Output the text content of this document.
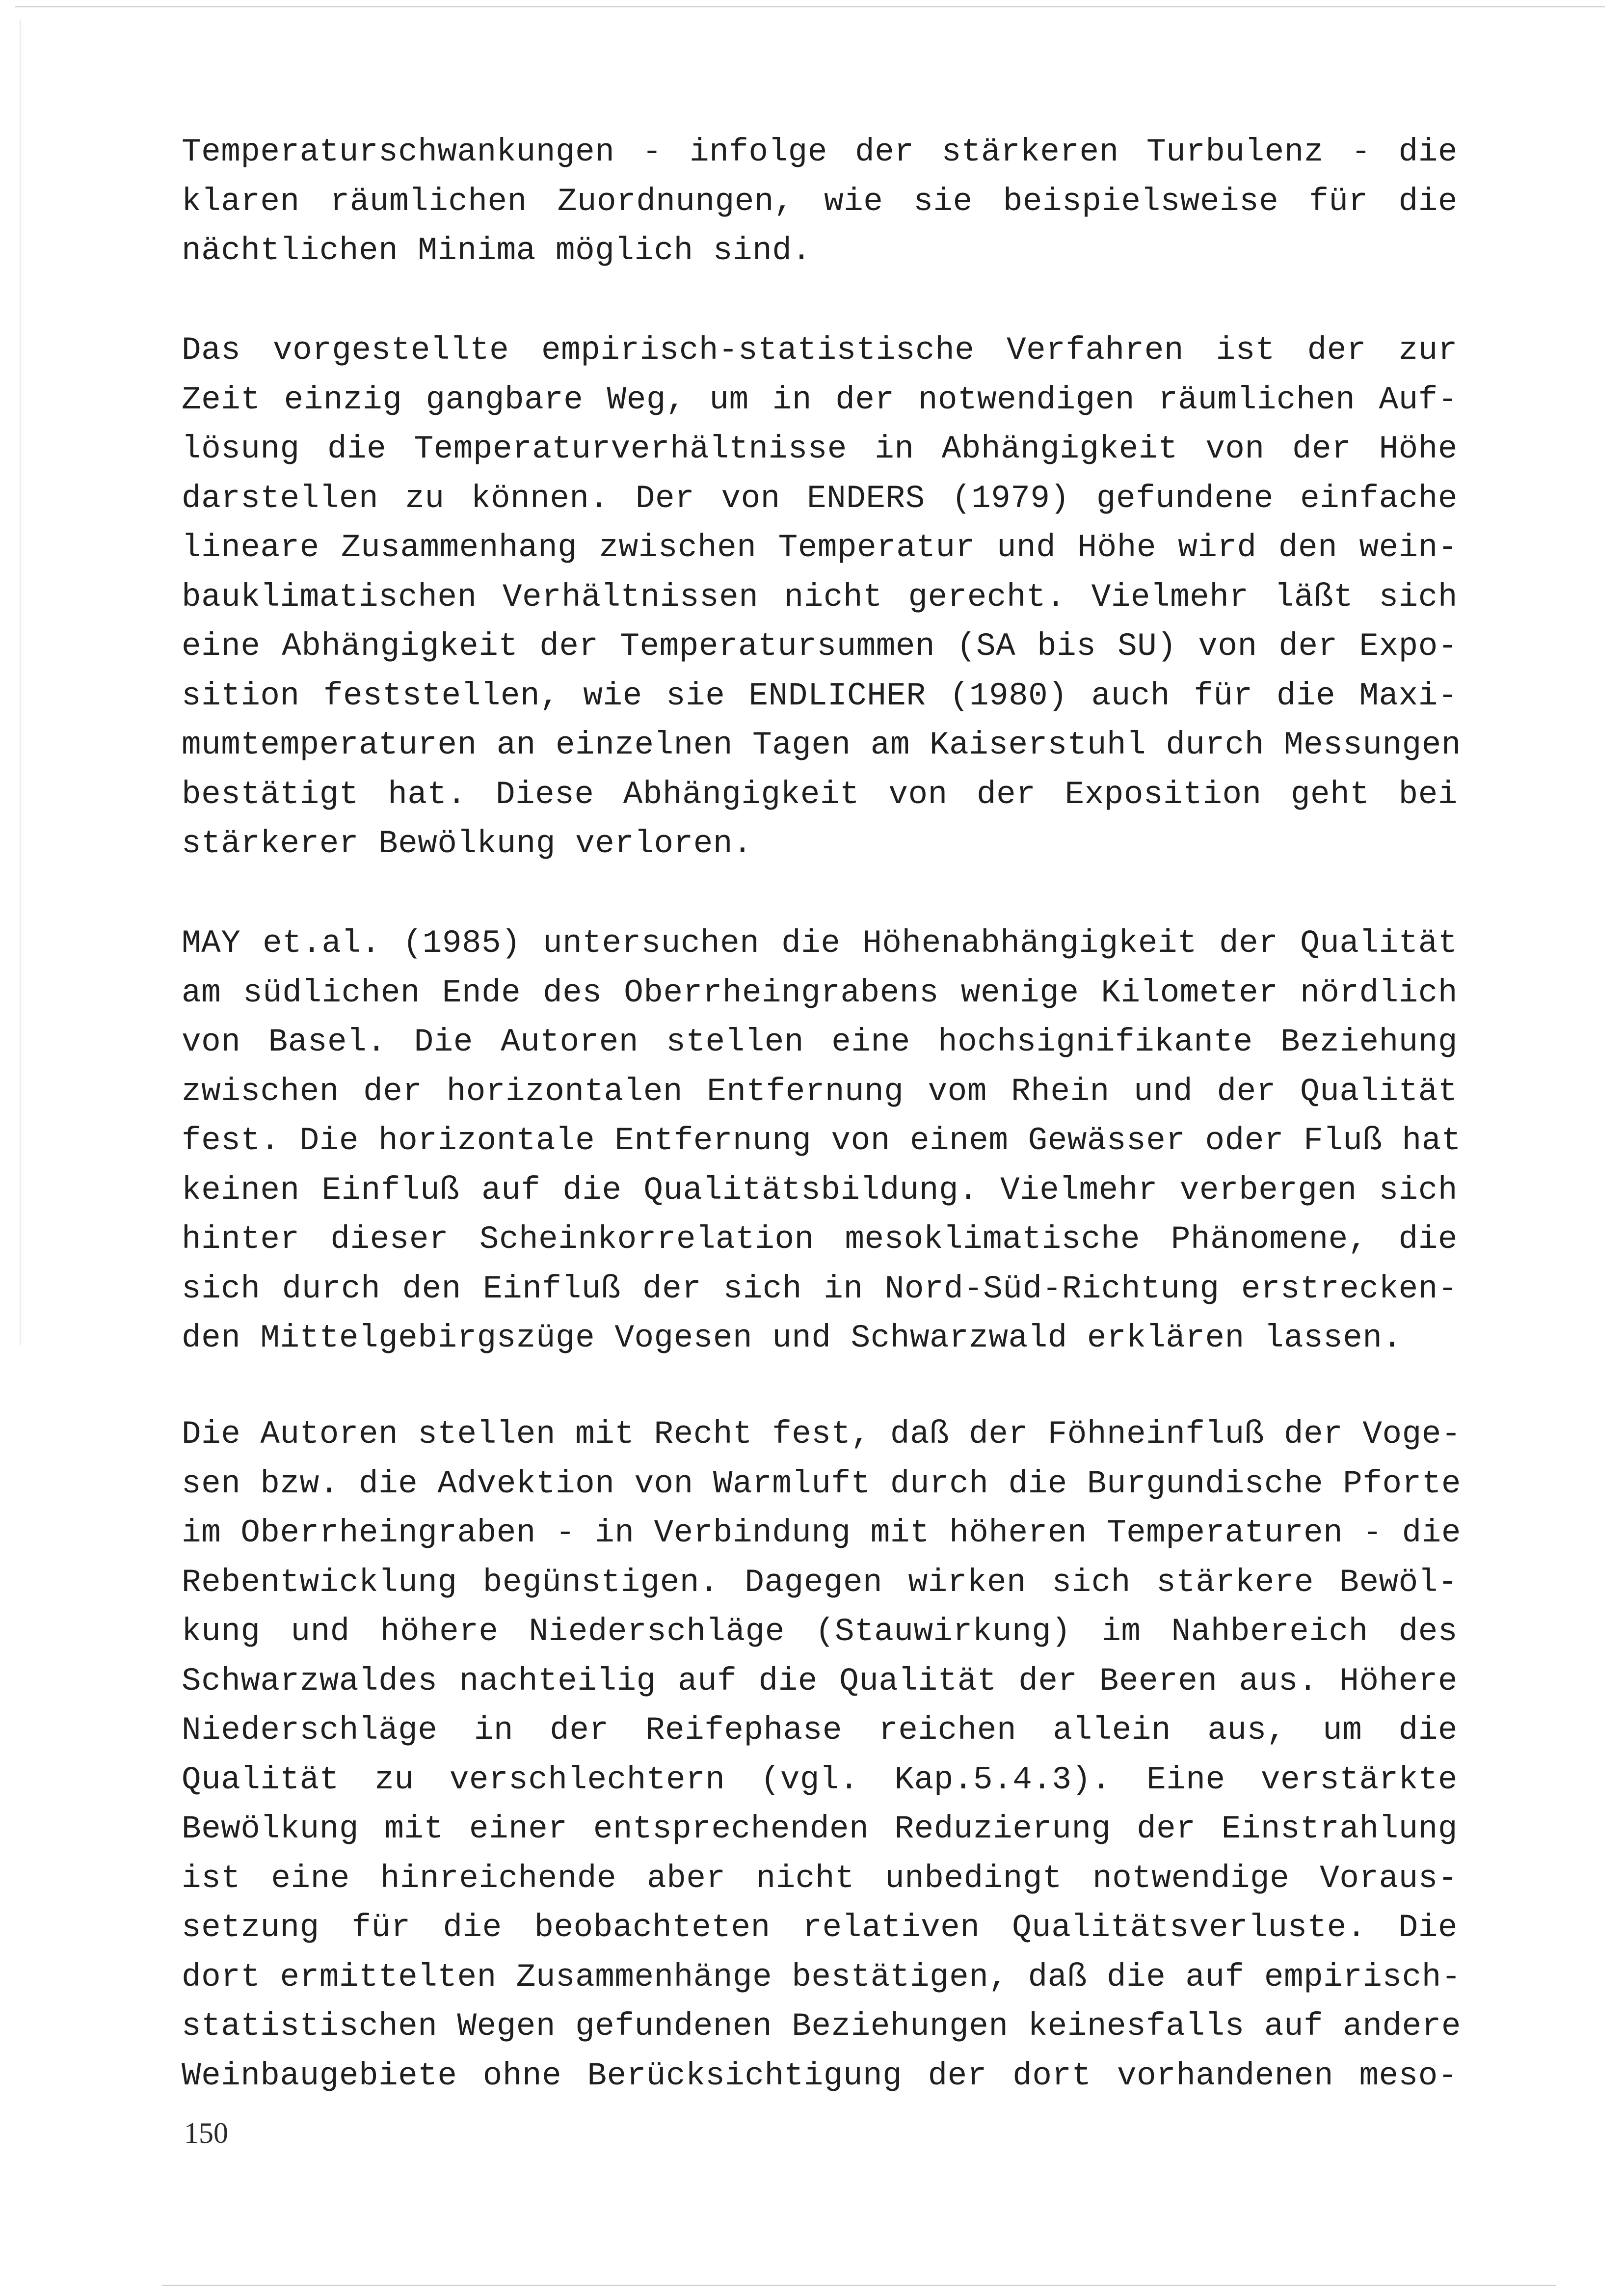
Temperaturschwankungen - infolge der stärkeren Turbulenz - die
klaren räumlichen Zuordnungen, wie sie beispielsweise für die
nächtlichen Minima möglich sind.

Das vorgestellte empirisch-statistische Verfahren ist der zur
Zeit einzig gangbare Weg, um in der notwendigen räumlichen Auf-
lösung die Temperaturverhältnisse in Abhängigkeit von der Höhe
darstellen zu können. Der von ENDERS (1979) gefundene einfache
lineare Zusammenhang zwischen Temperatur und Höhe wird den wein-
bauklimatischen Verhältnissen nicht gerecht. Vielmehr läßt sich
eine Abhängigkeit der Temperatursummen (SA bis SU) von der Expo-
sition feststellen, wie sie ENDLICHER (1980) auch für die Maxi-
mumtemperaturen an einzelnen Tagen am Kaiserstuhl durch Messungen
bestätigt hat. Diese Abhängigkeit von der Exposition geht bei
stärkerer Bewölkung verloren.

MAY et.al. (1985) untersuchen die Höhenabhängigkeit der Qualität
am südlichen Ende des Oberrheingrabens wenige Kilometer nördlich
von Basel. Die Autoren stellen eine hochsignifikante Beziehung
zwischen der horizontalen Entfernung vom Rhein und der Qualität
fest. Die horizontale Entfernung von einem Gewässer oder Fluß hat
keinen Einfluß auf die Qualitätsbildung. Vielmehr verbergen sich
hinter dieser Scheinkorrelation mesoklimatische Phänomene, die
sich durch den Einfluß der sich in Nord-Süd-Richtung erstrecken-
den Mittelgebirgszüge Vogesen und Schwarzwald erklären lassen.

Die Autoren stellen mit Recht fest, daß der Föhneinfluß der Voge-
sen bzw. die Advektion von Warmluft durch die Burgundische Pforte
im Oberrheingraben - in Verbindung mit höheren Temperaturen - die
Rebentwicklung begünstigen. Dagegen wirken sich stärkere Bewöl-
kung und höhere Niederschläge (Stauwirkung) im Nahbereich des
Schwarzwaldes nachteilig auf die Qualität der Beeren aus. Höhere
Niederschläge in der Reifephase reichen allein aus, um die
Qualität zu verschlechtern (vgl. Kap.5.4.3). Eine verstärkte
Bewölkung mit einer entsprechenden Reduzierung der Einstrahlung
ist eine hinreichende aber nicht unbedingt notwendige Voraus-
setzung für die beobachteten relativen Qualitätsverluste. Die
dort ermittelten Zusammenhänge bestätigen, daß die auf empirisch-
statistischen Wegen gefundenen Beziehungen keinesfalls auf andere
Weinbaugebiete ohne Berücksichtigung der dort vorhandenen meso-

150
